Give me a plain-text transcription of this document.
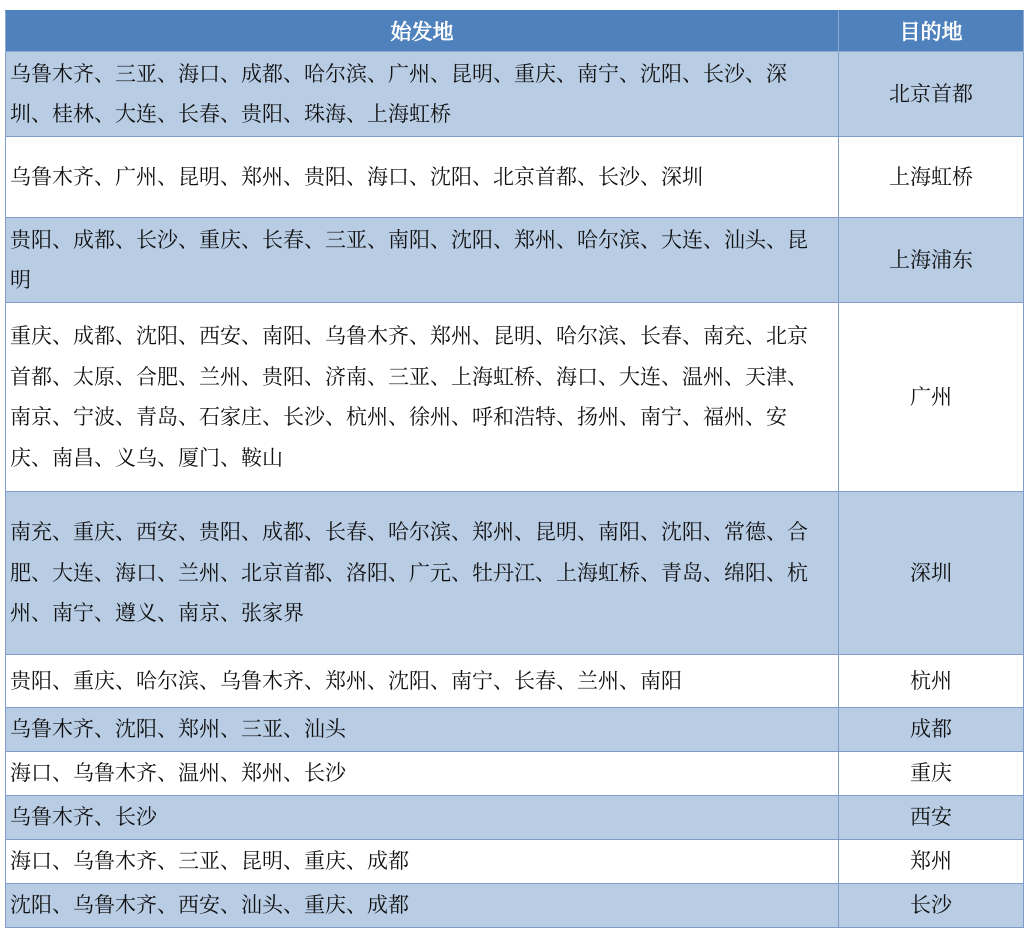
始发地	目的地
乌鲁木齐、三亚、海口、成都、哈尔滨、广州、昆明、重庆、南宁、沈阳、长沙、深圳、桂林、大连、长春、贵阳、珠海、上海虹桥	北京首都
乌鲁木齐、广州、昆明、郑州、贵阳、海口、沈阳、北京首都、长沙、深圳	上海虹桥
贵阳、成都、长沙、重庆、长春、三亚、南阳、沈阳、郑州、哈尔滨、大连、汕头、昆明	上海浦东
重庆、成都、沈阳、西安、南阳、乌鲁木齐、郑州、昆明、哈尔滨、长春、南充、北京首都、太原、合肥、兰州、贵阳、济南、三亚、上海虹桥、海口、大连、温州、天津、南京、宁波、青岛、石家庄、长沙、杭州、徐州、呼和浩特、扬州、南宁、福州、安庆、南昌、义乌、厦门、鞍山	广州
南充、重庆、西安、贵阳、成都、长春、哈尔滨、郑州、昆明、南阳、沈阳、常德、合肥、大连、海口、兰州、北京首都、洛阳、广元、牡丹江、上海虹桥、青岛、绵阳、杭州、南宁、遵义、南京、张家界	深圳
贵阳、重庆、哈尔滨、乌鲁木齐、郑州、沈阳、南宁、长春、兰州、南阳	杭州
乌鲁木齐、沈阳、郑州、三亚、汕头	成都
海口、乌鲁木齐、温州、郑州、长沙	重庆
乌鲁木齐、长沙	西安
海口、乌鲁木齐、三亚、昆明、重庆、成都	郑州
沈阳、乌鲁木齐、西安、汕头、重庆、成都	长沙
